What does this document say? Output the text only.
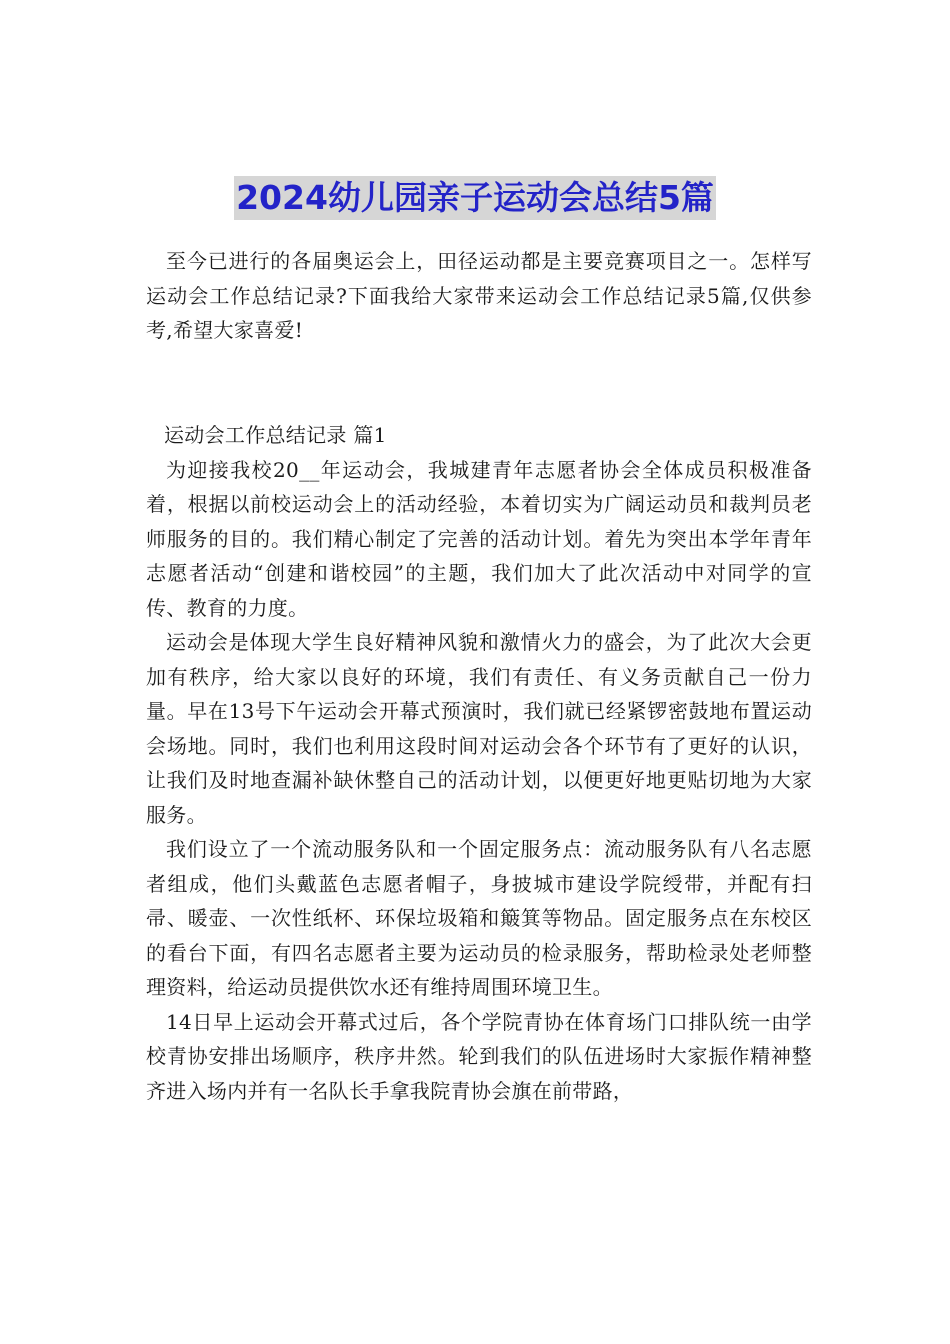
2024幼儿园亲子运动会总结5篇

至今已进行的各届奥运会上，田径运动都是主要竞赛项目之一。怎样写运动会工作总结记录?下面我给大家带来运动会工作总结记录5篇,仅供参考,希望大家喜爱!

运动会工作总结记录 篇1

为迎接我校20__年运动会，我城建青年志愿者协会全体成员积极准备着，根据以前校运动会上的活动经验，本着切实为广阔运动员和裁判员老师服务的目的。我们精心制定了完善的活动计划。着先为突出本学年青年志愿者活动“创建和谐校园”的主题，我们加大了此次活动中对同学的宣传、教育的力度。

运动会是体现大学生良好精神风貌和激情火力的盛会，为了此次大会更加有秩序，给大家以良好的环境，我们有责任、有义务贡献自己一份力量。早在13号下午运动会开幕式预演时，我们就已经紧锣密鼓地布置运动会场地。同时，我们也利用这段时间对运动会各个环节有了更好的认识，让我们及时地查漏补缺休整自己的活动计划，以便更好地更贴切地为大家服务。

我们设立了一个流动服务队和一个固定服务点：流动服务队有八名志愿者组成，他们头戴蓝色志愿者帽子，身披城市建设学院绶带，并配有扫帚、暖壶、一次性纸杯、环保垃圾箱和簸箕等物品。固定服务点在东校区的看台下面，有四名志愿者主要为运动员的检录服务，帮助检录处老师整理资料，给运动员提供饮水还有维持周围环境卫生。

14日早上运动会开幕式过后，各个学院青协在体育场门口排队统一由学校青协安排出场顺序，秩序井然。轮到我们的队伍进场时大家振作精神整齐进入场内并有一名队长手拿我院青协会旗在前带路，
